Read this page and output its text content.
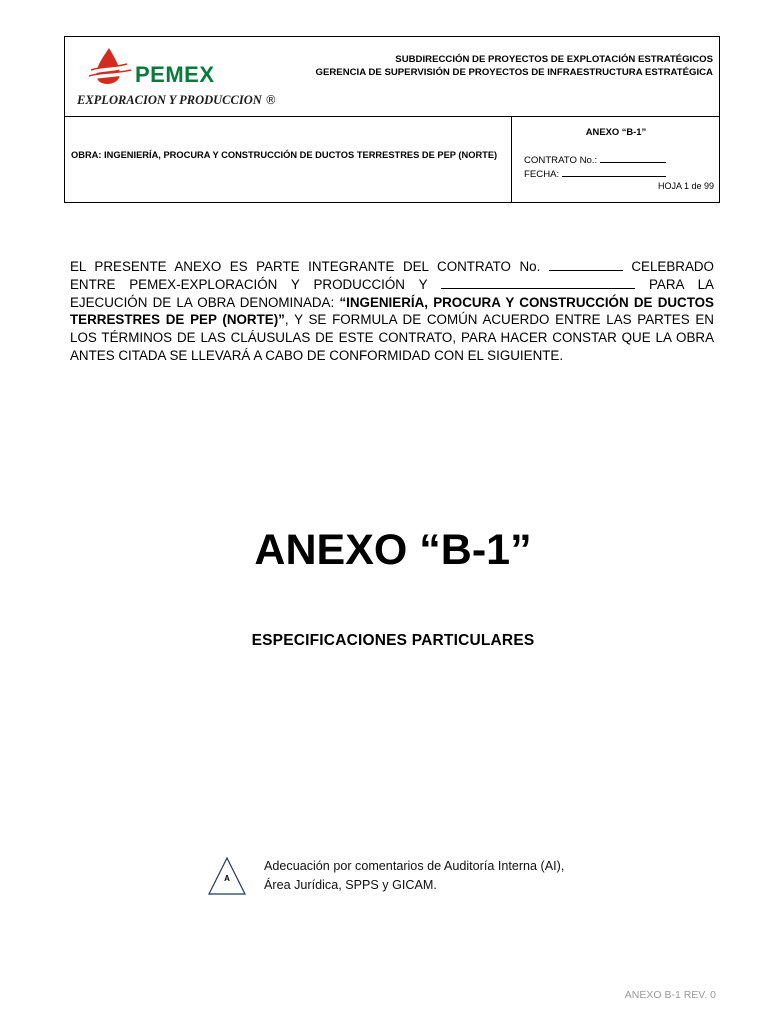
PEMEX
EXPLORACION Y PRODUCCION ®
SUBDIRECCIÓN DE PROYECTOS DE EXPLOTACIÓN ESTRATÉGICOS
GERENCIA DE SUPERVISIÓN DE PROYECTOS DE INFRAESTRUCTURA ESTRATÉGICA
OBRA: INGENIERÍA, PROCURA Y CONSTRUCCIÓN DE DUCTOS TERRESTRES DE PEP (NORTE)
ANEXO “B-1”
CONTRATO No.:
FECHA:
HOJA 1 de 99
EL PRESENTE ANEXO ES PARTE INTEGRANTE DEL CONTRATO No.	CELEBRADO ENTRE PEMEX-EXPLORACIÓN Y PRODUCCIÓN Y	PARA LA EJECUCIÓN DE LA OBRA DENOMINADA: “INGENIERÍA, PROCURA Y CONSTRUCCIÓN DE DUCTOS TERRESTRES DE PEP (NORTE)”, Y SE FORMULA DE COMÚN ACUERDO ENTRE LAS PARTES EN LOS TÉRMINOS DE LAS CLÁUSULAS DE ESTE CONTRATO, PARA HACER CONSTAR QUE LA OBRA ANTES CITADA SE LLEVARÁ A CABO DE CONFORMIDAD CON EL SIGUIENTE.
ANEXO “B-1”
ESPECIFICACIONES PARTICULARES
A
Adecuación por comentarios de Auditoría Interna (AI),
Área Jurídica, SPPS y GICAM.
ANEXO B-1 REV. 0
